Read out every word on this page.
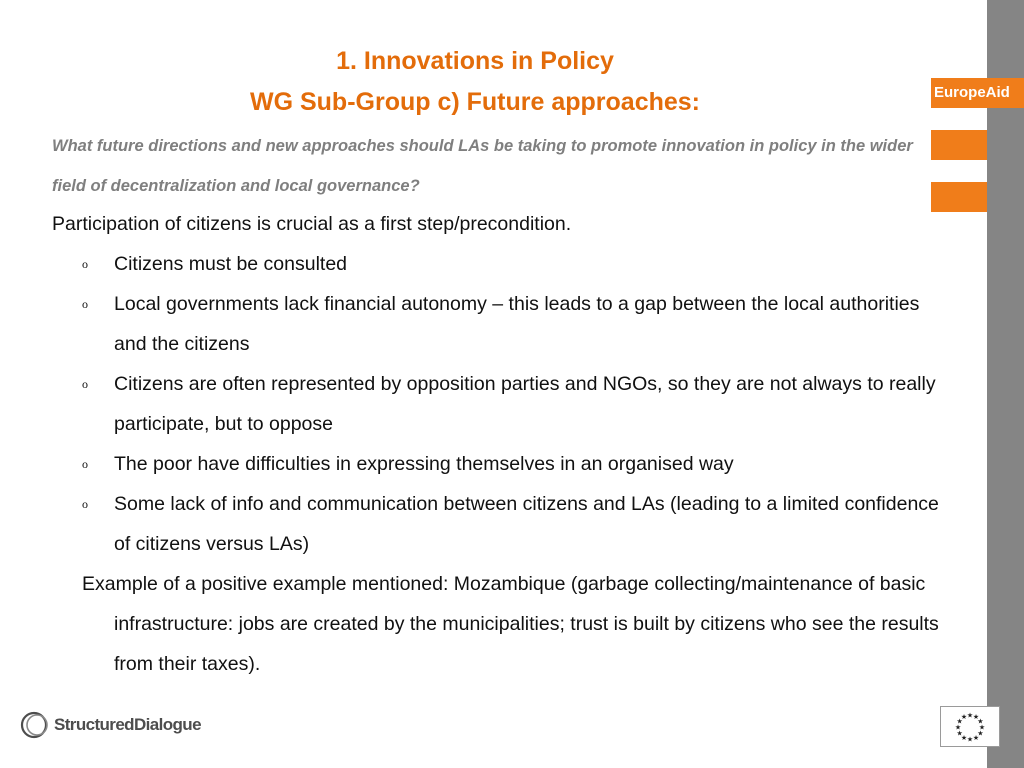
EuropeAid
1. Innovations in Policy
WG Sub-Group c) Future approaches:

What future directions and new approaches should LAs be taking to promote innovation in policy in the wider field of decentralization and local governance?

Participation of citizens is crucial as a first step/precondition.

o Citizens must be consulted
o Local governments lack financial autonomy – this leads to a gap between the local authorities and the citizens
o Citizens are often represented by opposition parties and NGOs, so they are not always to really participate, but to oppose
o The poor have difficulties in expressing themselves in an organised way
o Some lack of info and communication between citizens and LAs (leading to a limited confidence of citizens versus LAs)

Example of a positive example mentioned: Mozambique (garbage collecting/maintenance of basic infrastructure: jobs are created by the municipalities; trust is built by citizens who see the results from their taxes).

StructuredDialogue	★ ★
★
★
★
★
★
★
★
★
★
★
